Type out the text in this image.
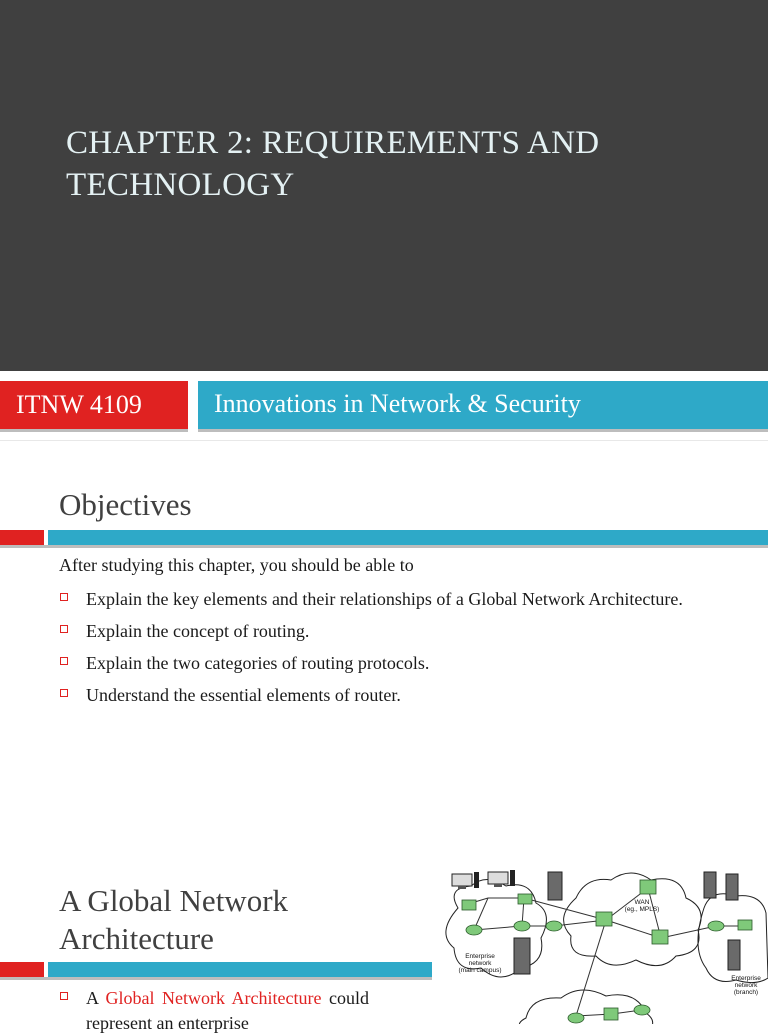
CHAPTER 2: REQUIREMENTS AND TECHNOLOGY
ITNW 4109	Innovations in Network & Security
Objectives
After studying this chapter, you should be able to
Explain the key elements and their relationships of a Global Network Architecture.
Explain the concept of routing.
Explain the two categories of routing protocols.
Understand the essential elements of router.
A Global Network
Architecture
A Global Network Architecture could represent an enterprise
WAN
(eg., MPLS)
Enterprise
network
(main campus)
Enterprise
network
(branch)
